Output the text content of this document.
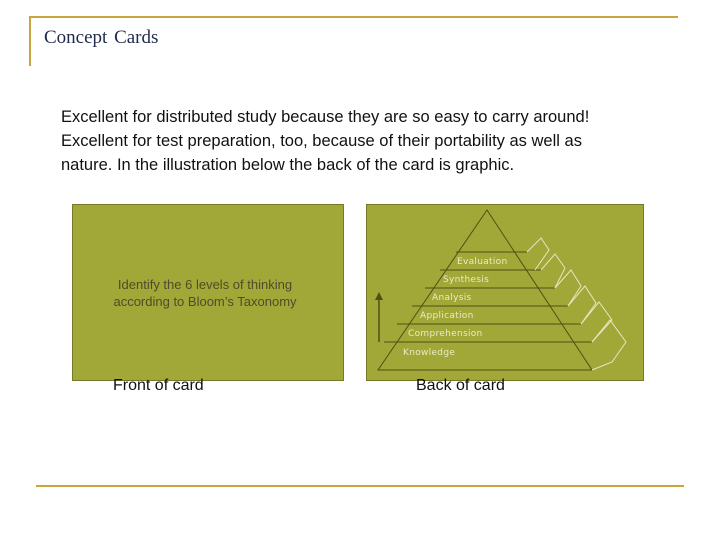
Concept Cards
Excellent for distributed study because they are so easy to carry around!
Excellent for test preparation, too, because of their portability as well as
nature. In the illustration below the back of the card is graphic.
Identify the 6 levels of thinking
according to Bloom’s Taxonomy
Evaluation
Synthesis
Analysis
Application
Comprehension
Knowledge
Front of card	Back of card
